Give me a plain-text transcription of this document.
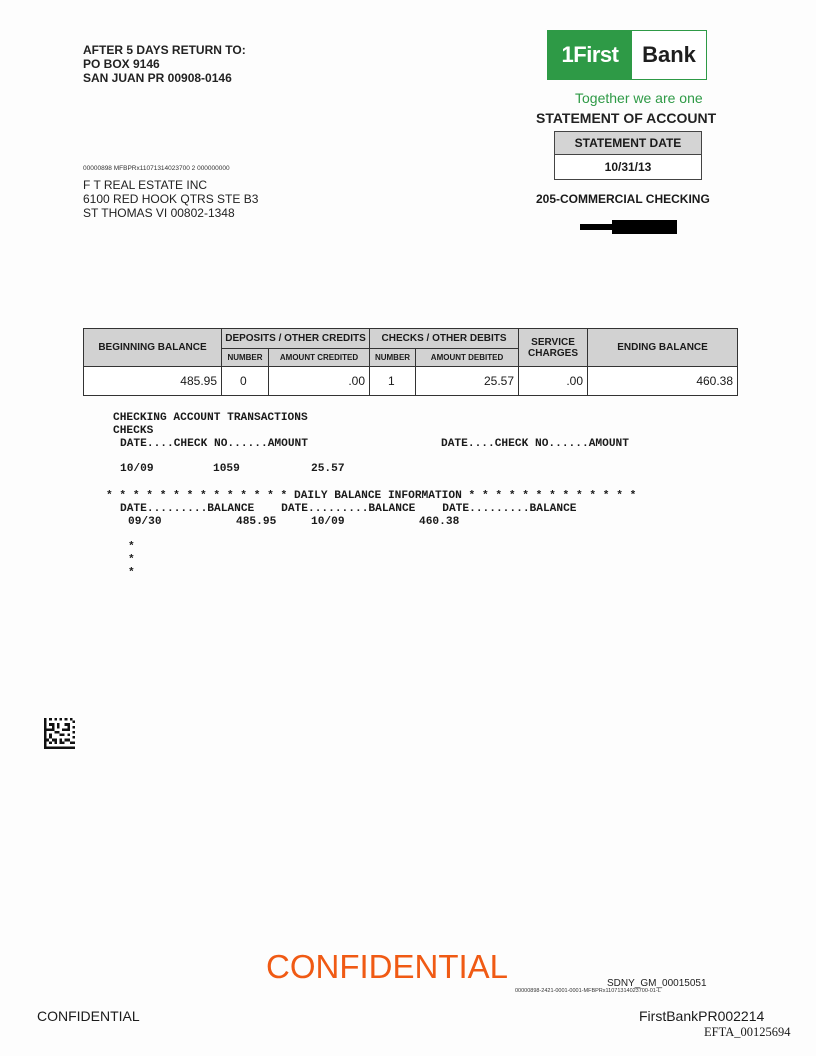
AFTER 5 DAYS RETURN TO:
PO BOX 9146
SAN JUAN PR 00908-0146
1First	Bank
Together we are one
STATEMENT OF ACCOUNT
STATEMENT DATE
10/31/13
205-COMMERCIAL CHECKING
00000898 MFBPRx11071314023700 2 000000000
F T REAL ESTATE INC
6100 RED HOOK QTRS STE B3
ST THOMAS VI 00802-1348
BEGINNING BALANCE	DEPOSITS / OTHER CREDITS		CHECKS / OTHER DEBITS		SERVICE
CHARGES	ENDING BALANCE
	NUMBER	AMOUNT CREDITED	NUMBER	AMOUNT DEBITED		
485.95	0	.00	1	25.57	.00	460.38
CHECKING ACCOUNT TRANSACTIONS
CHECKS
DATE....CHECK NO......AMOUNT	DATE....CHECK NO......AMOUNT
10/09	1059	25.57
* * * * * * * * * * * * * * DAILY BALANCE INFORMATION * * * * * * * * * * * * *
DATE.........BALANCE    DATE.........BALANCE    DATE.........BALANCE
09/30	485.95	10/09	460.38
*
*
*
CONFIDENTIAL	SDNY_GM_00015051
00000898-2421-0001-0001-MFBPRx11071314023700-01-L
CONFIDENTIAL	FirstBankPR002214
EFTA_00125694
